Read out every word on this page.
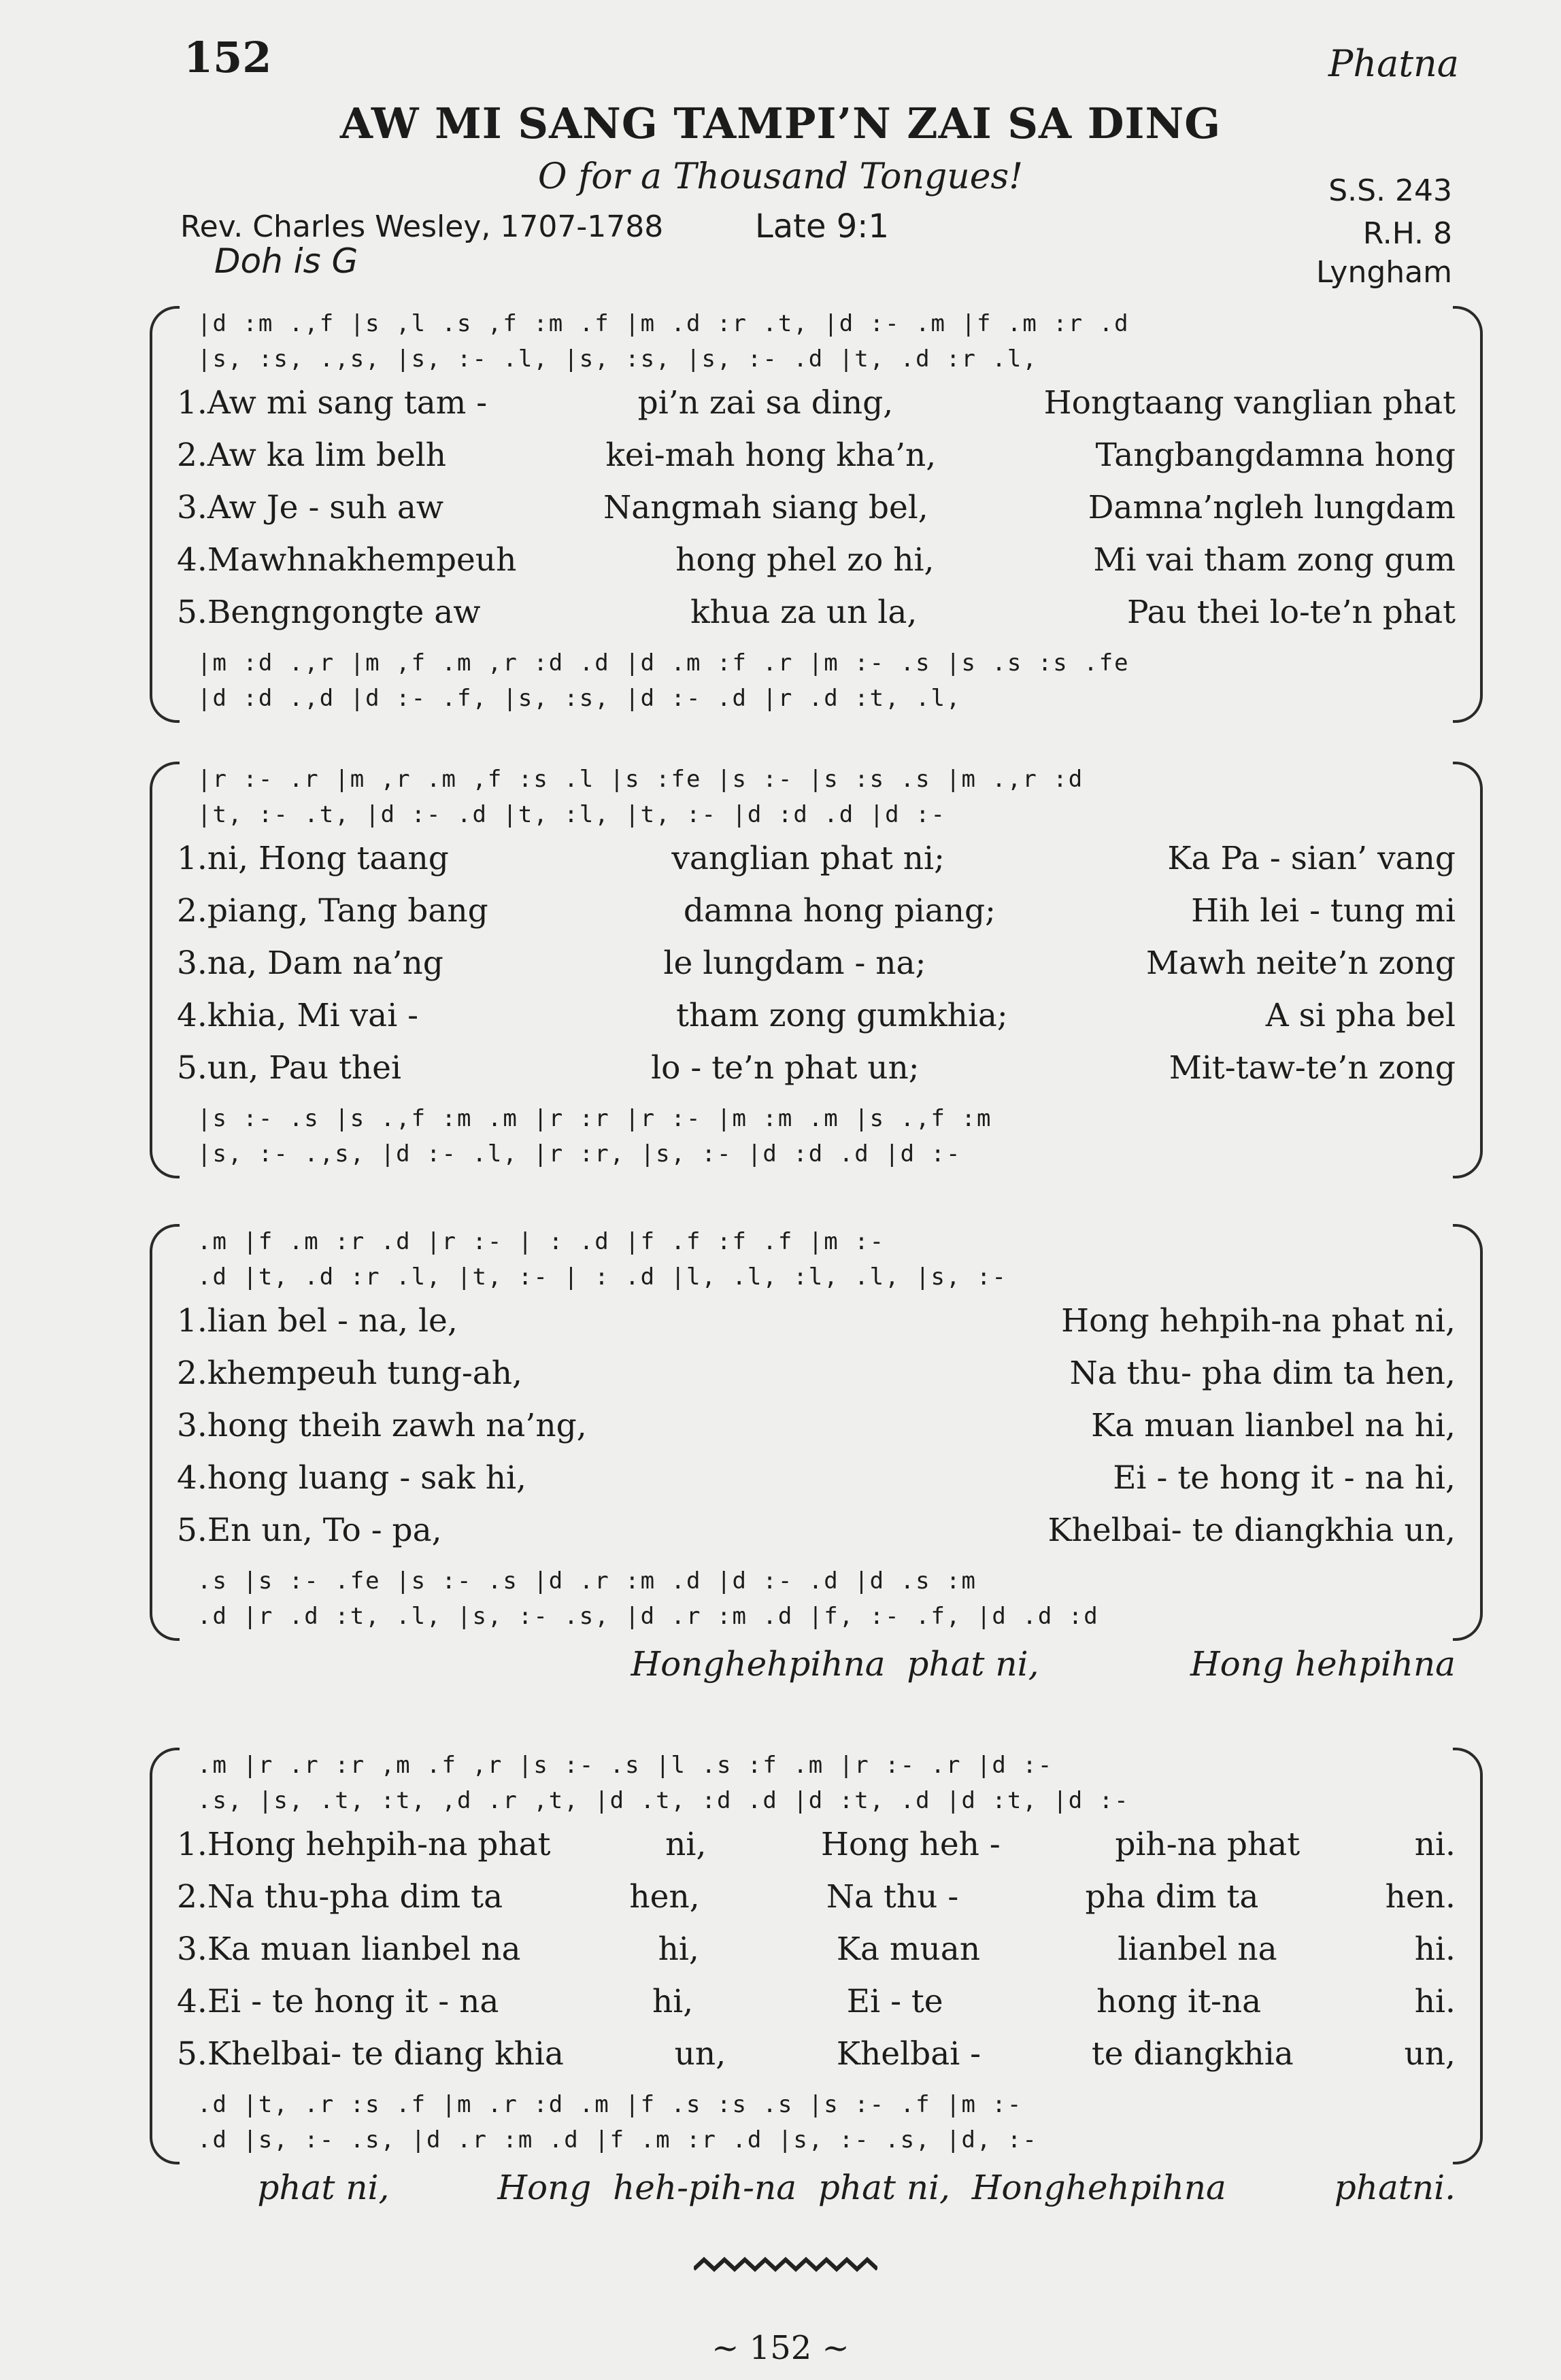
152	Phatna
AW MI SANG TAMPI’N ZAI SA DING
O for a Thousand Tongues!
Rev. Charles Wesley, 1707-1788	Late 9:1
Doh is G
S.S. 243
R.H. 8
Lyngham
|d :m .,f |s ,l .s ,f :m .f |m .d :r .t, |d :- .m |f .m :r .d
|s, :s, .,s, |s, :- .l, |s, :s, |s, :- .d |t, .d :r .l,
1.Aw mi sang tam -	pi’n zai sa ding,	Hongtaang vanglian phat
2.Aw ka lim belh	kei-mah hong kha’n,	Tangbangdamna hong
3.Aw Je - suh aw	Nangmah siang bel,	Damna’ngleh lungdam
4.Mawhnakhempeuh	hong phel zo hi,	Mi vai tham zong gum
5.Bengngongte aw	khua za un la,	Pau thei lo-te’n phat
|m :d .,r |m ,f .m ,r :d .d |d .m :f .r |m :- .s |s .s :s .fe
|d :d .,d |d :- .f, |s, :s, |d :- .d |r .d :t, .l,
|r :- .r |m ,r .m ,f :s .l |s :fe |s :- |s :s .s |m .,r :d
|t, :- .t, |d :- .d |t, :l, |t, :- |d :d .d |d :-
1.ni, Hong taang	vanglian phat ni;	Ka Pa - sian’ vang
2.piang, Tang bang	damna hong piang;	Hih lei - tung mi
3.na, Dam na’ng	le lungdam - na;	Mawh neite’n zong
4.khia, Mi vai -	tham zong gumkhia;	A si pha bel
5.un, Pau thei	lo - te’n phat un;	Mit-taw-te’n zong
|s :- .s |s .,f :m .m |r :r |r :- |m :m .m |s .,f :m
|s, :- .,s, |d :- .l, |r :r, |s, :- |d :d .d |d :-
.m |f .m :r .d |r :- | : .d |f .f :f .f |m :-
.d |t, .d :r .l, |t, :- | : .d |l, .l, :l, .l, |s, :-
1.lian bel - na, le,	Hong hehpih-na phat ni,
2.khempeuh tung-ah,	Na thu- pha dim ta hen,
3.hong theih zawh na’ng,	Ka muan lianbel na hi,
4.hong luang - sak hi,	Ei - te hong it - na hi,
5.En un, To - pa,	Khelbai- te diangkhia un,
.s |s :- .fe |s :- .s |d .r :m .d |d :- .d |d .s :m
.d |r .d :t, .l, |s, :- .s, |d .r :m .d |f, :- .f, |d .d :d
Honghehpihna  phat ni,              Hong hehpihna
.m |r .r :r ,m .f ,r |s :- .s |l .s :f .m |r :- .r |d :-
.s, |s, .t, :t, ,d .r ,t, |d .t, :d .d |d :t, .d |d :t, |d :-
1.Hong hehpih-na phat	ni,	Hong heh -	pih-na phat	ni.
2.Na thu-pha dim ta	hen,	Na thu -	pha dim ta	hen.
3.Ka muan lianbel na	hi,	Ka muan	lianbel na	hi.
4.Ei - te hong it - na	hi,	Ei - te	hong it-na	hi.
5.Khelbai- te diang khia	un,	Khelbai -	te diangkhia	un,
.d |t, .r :s .f |m .r :d .m |f .s :s .s |s :- .f |m :-
.d |s, :- .s, |d .r :m .d |f .m :r .d |s, :- .s, |d, :-
phat ni,          Hong  heh-pih-na  phat ni,  Honghehpihna          phatni.
~ 152 ~
